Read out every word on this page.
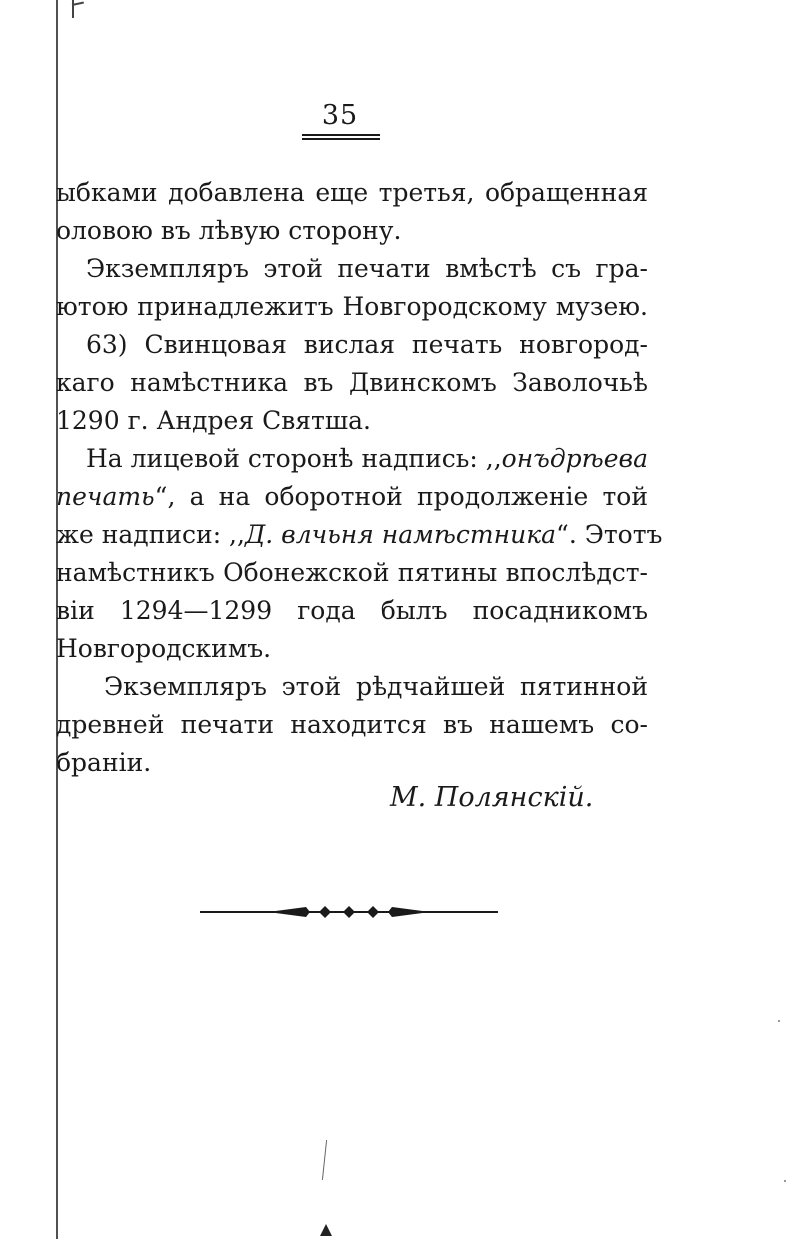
35
ыбками добавлена еще третья, обращенная
оловою въ лѣвую сторону.
Экземпляръ этой печати вмѣстѣ съ гра-
ютою принадлежитъ Новгородскому музею.
63) Свинцовая вислая печать новгород-
каго намѣстника въ Двинскомъ Заволочьѣ
1290 г. Андрея Святша.
На лицевой сторонѣ надпись: ,,онъдрѣева
печать“, а на оборотной продолженіе той
же надписи: ,,Д. влчьня намѣстника“. Этотъ
намѣстникъ Обонежской пятины впослѣдст-
віи 1294—1299 года былъ посадникомъ
Новгородскимъ.
Экземпляръ этой рѣдчайшей пятинной
древней печати находится въ нашемъ со-
браніи.
М. Полянскій.
